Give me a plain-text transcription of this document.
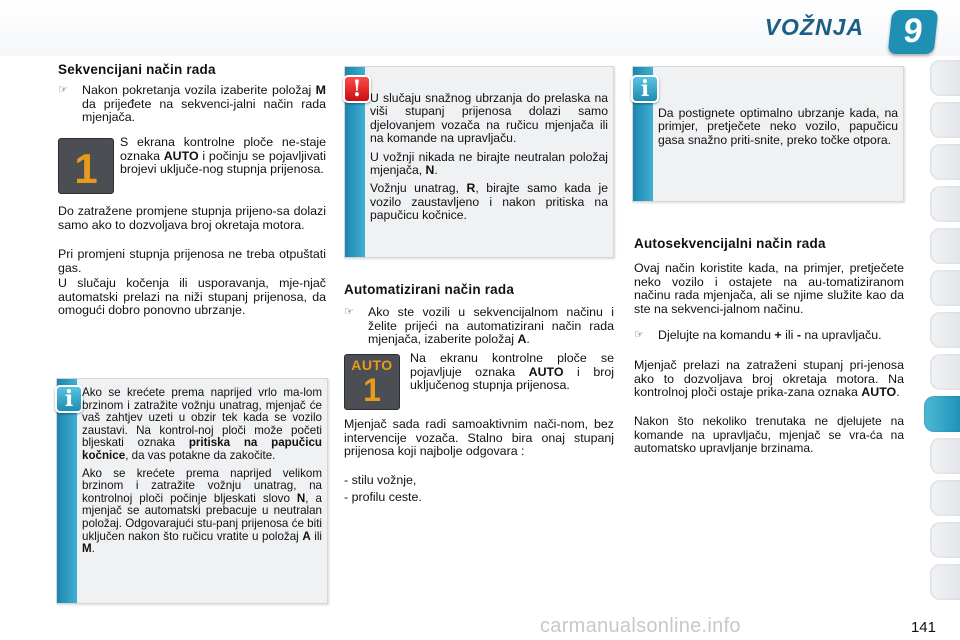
VOŽNJA	9
Sekvencijani način rada
☞ Nakon pokretanja vozila izaberite položaj M da prijeđete na sekvenci-jalni način rada mjenjača.
1
S ekrana kontrolne ploče ne-staje oznaka AUTO i počinju se pojavljivati brojevi uključe-nog stupnja prijenosa.
Do zatražene promjene stupnja prijeno-sa dolazi samo ako to dozvoljava broj okretaja motora.
Pri promjeni stupnja prijenosa ne treba otpuštati gas.
U slučaju kočenja ili usporavanja, mje-njač automatski prelazi na niži stupanj prijenosa, da omogući dobro ponovno ubrzanje.
i Ako se krećete prema naprijed vrlo ma-lom brzinom i zatražite vožnju unatrag, mjenjač će vaš zahtjev uzeti u obzir tek kada se vozilo zaustavi. Na kontrol-noj ploči može početi bljeskati oznaka pritiska na papučicu kočnice, da vas potakne da zakočite.
Ako se krećete prema naprijed velikom brzinom i zatražite vožnju unatrag, na kontrolnoj ploči počinje bljeskati slovo N, a mjenjač se automatski prebacuje u neutralan položaj. Odgovarajući stu-panj prijenosa će biti uključen nakon što ručicu vratite u položaj A ili M.
! U slučaju snažnog ubrzanja do prelaska na viši stupanj prijenosa dolazi samo djelovanjem vozača na ručicu mjenjača ili na komande na upravljaču.
U vožnji nikada ne birajte neutralan položaj mjenjača, N.
Vožnju unatrag, R, birajte samo kada je vozilo zaustavljeno i nakon pritiska na papučicu kočnice.
Automatizirani način rada
☞ Ako ste vozili u sekvencijalnom načinu i želite prijeći na automatizirani način rada mjenjača, izaberite položaj A.
AUTO
1
Na ekranu kontrolne ploče se pojavljuje oznaka AUTO i broj uključenog stupnja prijenosa.
Mjenjač sada radi samoaktivnim nači-nom, bez intervencije vozača. Stalno bira onaj stupanj prijenosa koji najbolje odgovara :
- stilu vožnje,
- profilu ceste.
i
Da postignete optimalno ubrzanje kada, na primjer, pretječete neko vozilo, papučicu gasa snažno priti-snite, preko točke otpora.
Autosekvencijalni način rada
Ovaj način koristite kada, na primjer, pretječete neko vozilo i ostajete na au-tomatiziranom načinu rada mjenjača, ali se njime služite kao da ste na sekvenci-jalnom načinu.
☞ Djelujte na komandu + ili - na upravljaču.
Mjenjač prelazi na zatraženi stupanj pri-jenosa ako to dozvoljava broj okretaja motora. Na kontrolnoj ploči ostaje prika-zana oznaka AUTO.
Nakon što nekoliko trenutaka ne djelujete na komande na upravljaču, mjenjač se vra-ća na automatsko upravljanje brzinama.
carmanualsonline.info	141
